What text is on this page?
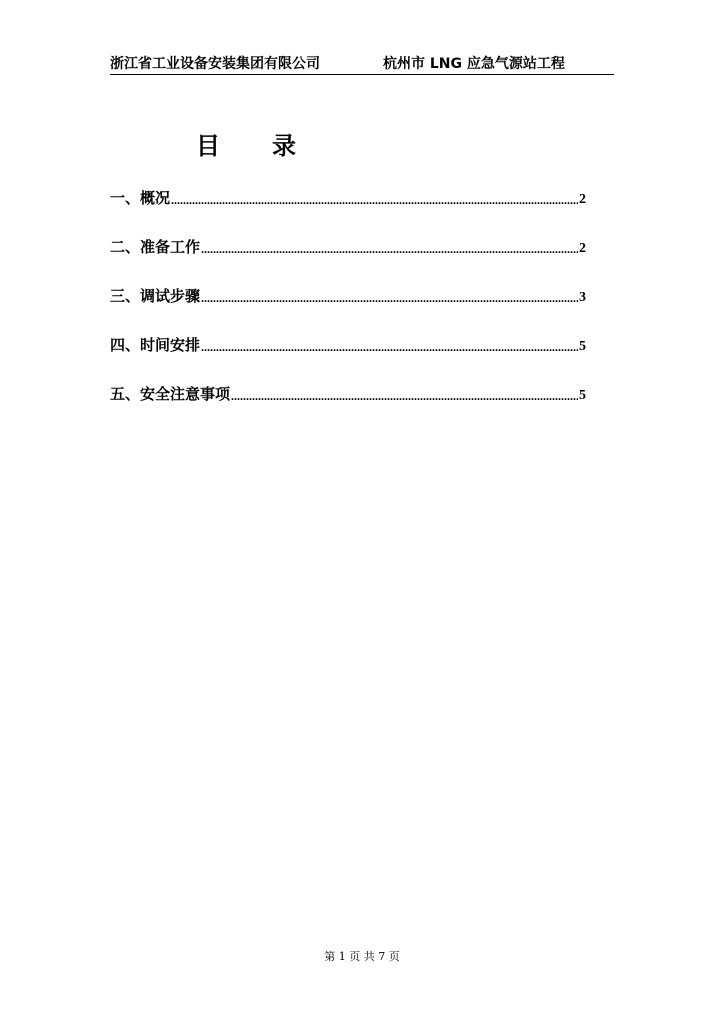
浙江省工业设备安装集团有限公司	杭州市 LNG 应急气源站工程
目录
一、概况 .....	2
二、准备工作 .....	2
三、调试步骤 .....	3
四、时间安排 .....	5
五、安全注意事项 .....	5
第 1 页 共 7 页
